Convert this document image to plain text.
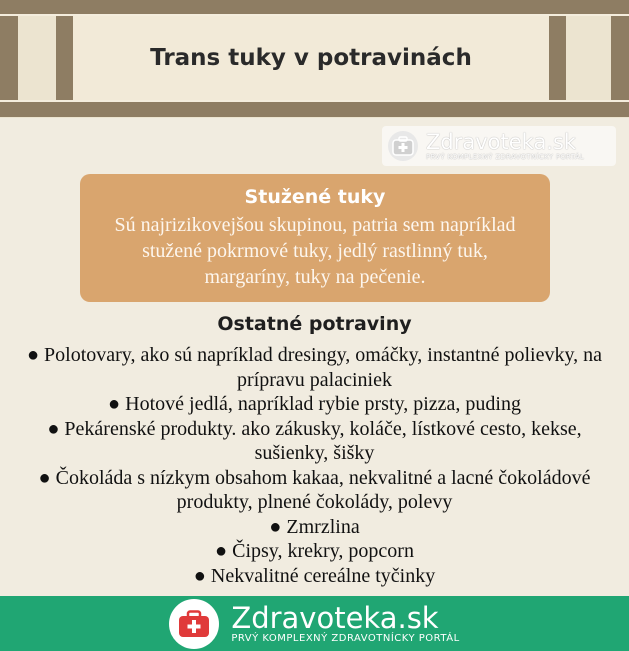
Trans tuky v potravinách
Zdravoteka.sk
PRVÝ KOMPLEXNÝ ZDRAVOTNÍCKY PORTÁL
Stužené tuky

Sú najrizikovejšou skupinou, patria sem napríklad stužené pokrmové tuky, jedlý rastlinný tuk, margaríny, tuky na pečenie.

Ostatné potraviny
● Polotovary, ako sú napríklad dresingy, omáčky, instantné polievky, na prípravu palaciniek
● Hotové jedlá, napríklad rybie prsty, pizza, puding
● Pekárenské produkty. ako zákusky, koláče, lístkové cesto, kekse, sušienky, šišky
● Čokoláda s nízkym obsahom kakaa, nekvalitné a lacné čokoládové produkty, plnené čokolády, polevy
● Zmrzlina
● Čipsy, krekry, popcorn
● Nekvalitné cereálne tyčinky
Zdravoteka.sk
PRVÝ KOMPLEXNÝ ZDRAVOTNÍCKY PORTÁL
